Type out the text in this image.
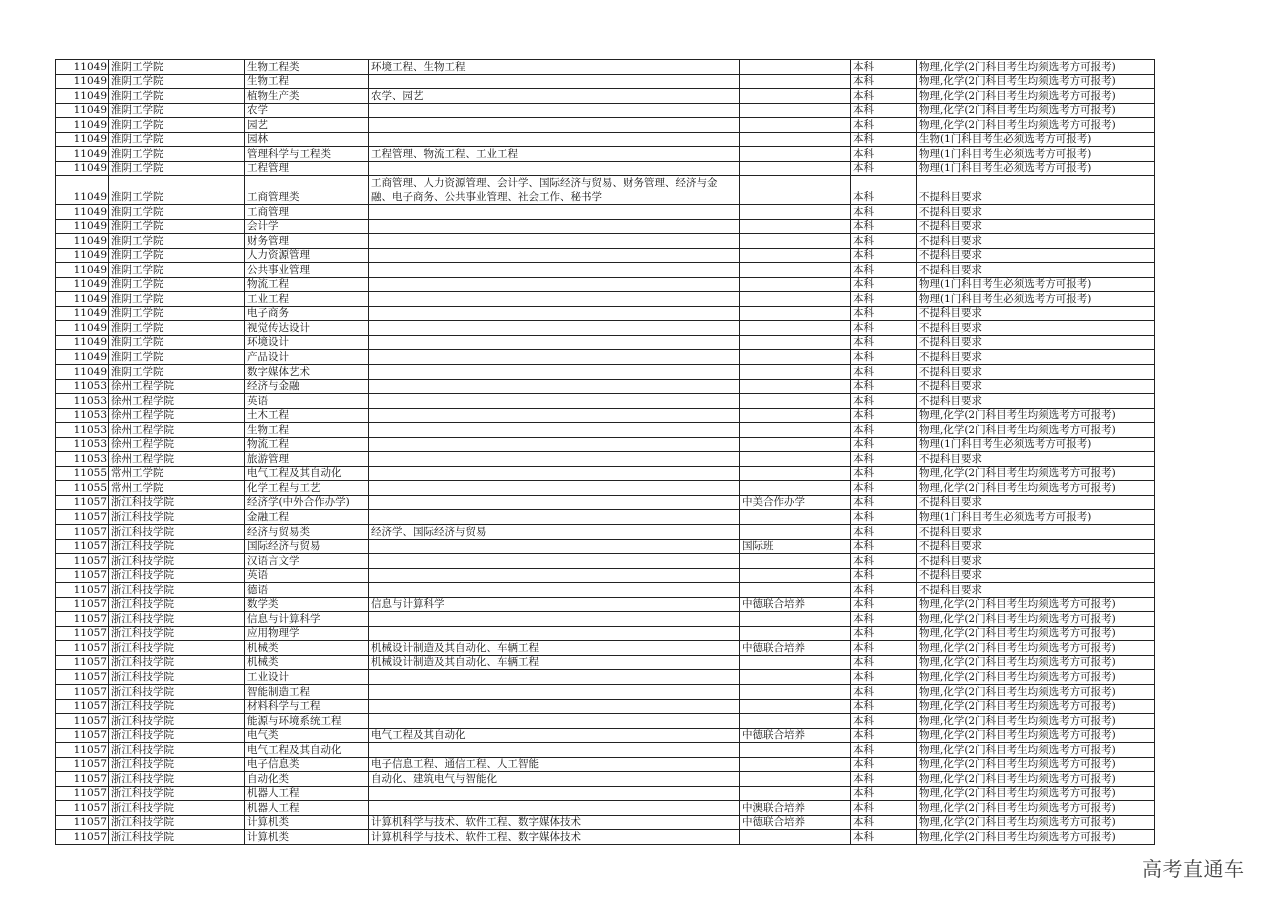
11049	淮阴工学院	生物工程类	环境工程、生物工程		本科	物理,化学(2门科目考生均须选考方可报考)
11049	淮阴工学院	生物工程			本科	物理,化学(2门科目考生均须选考方可报考)
11049	淮阴工学院	植物生产类	农学、园艺		本科	物理,化学(2门科目考生均须选考方可报考)
11049	淮阴工学院	农学			本科	物理,化学(2门科目考生均须选考方可报考)
11049	淮阴工学院	园艺			本科	物理,化学(2门科目考生均须选考方可报考)
11049	淮阴工学院	园林			本科	生物(1门科目考生必须选考方可报考)
11049	淮阴工学院	管理科学与工程类	工程管理、物流工程、工业工程		本科	物理(1门科目考生必须选考方可报考)
11049	淮阴工学院	工程管理			本科	物理(1门科目考生必须选考方可报考)
11049	淮阴工学院	工商管理类	工商管理、人力资源管理、会计学、国际经济与贸易、财务管理、经济与金融、电子商务、公共事业管理、社会工作、秘书学		本科	不提科目要求
11049	淮阴工学院	工商管理			本科	不提科目要求
11049	淮阴工学院	会计学			本科	不提科目要求
11049	淮阴工学院	财务管理			本科	不提科目要求
11049	淮阴工学院	人力资源管理			本科	不提科目要求
11049	淮阴工学院	公共事业管理			本科	不提科目要求
11049	淮阴工学院	物流工程			本科	物理(1门科目考生必须选考方可报考)
11049	淮阴工学院	工业工程			本科	物理(1门科目考生必须选考方可报考)
11049	淮阴工学院	电子商务			本科	不提科目要求
11049	淮阴工学院	视觉传达设计			本科	不提科目要求
11049	淮阴工学院	环境设计			本科	不提科目要求
11049	淮阴工学院	产品设计			本科	不提科目要求
11049	淮阴工学院	数字媒体艺术			本科	不提科目要求
11053	徐州工程学院	经济与金融			本科	不提科目要求
11053	徐州工程学院	英语			本科	不提科目要求
11053	徐州工程学院	土木工程			本科	物理,化学(2门科目考生均须选考方可报考)
11053	徐州工程学院	生物工程			本科	物理,化学(2门科目考生均须选考方可报考)
11053	徐州工程学院	物流工程			本科	物理(1门科目考生必须选考方可报考)
11053	徐州工程学院	旅游管理			本科	不提科目要求
11055	常州工学院	电气工程及其自动化			本科	物理,化学(2门科目考生均须选考方可报考)
11055	常州工学院	化学工程与工艺			本科	物理,化学(2门科目考生均须选考方可报考)
11057	浙江科技学院	经济学(中外合作办学)		中美合作办学	本科	不提科目要求
11057	浙江科技学院	金融工程			本科	物理(1门科目考生必须选考方可报考)
11057	浙江科技学院	经济与贸易类	经济学、国际经济与贸易		本科	不提科目要求
11057	浙江科技学院	国际经济与贸易		国际班	本科	不提科目要求
11057	浙江科技学院	汉语言文学			本科	不提科目要求
11057	浙江科技学院	英语			本科	不提科目要求
11057	浙江科技学院	德语			本科	不提科目要求
11057	浙江科技学院	数学类	信息与计算科学	中德联合培养	本科	物理,化学(2门科目考生均须选考方可报考)
11057	浙江科技学院	信息与计算科学			本科	物理,化学(2门科目考生均须选考方可报考)
11057	浙江科技学院	应用物理学			本科	物理,化学(2门科目考生均须选考方可报考)
11057	浙江科技学院	机械类	机械设计制造及其自动化、车辆工程	中德联合培养	本科	物理,化学(2门科目考生均须选考方可报考)
11057	浙江科技学院	机械类	机械设计制造及其自动化、车辆工程		本科	物理,化学(2门科目考生均须选考方可报考)
11057	浙江科技学院	工业设计			本科	物理,化学(2门科目考生均须选考方可报考)
11057	浙江科技学院	智能制造工程			本科	物理,化学(2门科目考生均须选考方可报考)
11057	浙江科技学院	材料科学与工程			本科	物理,化学(2门科目考生均须选考方可报考)
11057	浙江科技学院	能源与环境系统工程			本科	物理,化学(2门科目考生均须选考方可报考)
11057	浙江科技学院	电气类	电气工程及其自动化	中德联合培养	本科	物理,化学(2门科目考生均须选考方可报考)
11057	浙江科技学院	电气工程及其自动化			本科	物理,化学(2门科目考生均须选考方可报考)
11057	浙江科技学院	电子信息类	电子信息工程、通信工程、人工智能		本科	物理,化学(2门科目考生均须选考方可报考)
11057	浙江科技学院	自动化类	自动化、建筑电气与智能化		本科	物理,化学(2门科目考生均须选考方可报考)
11057	浙江科技学院	机器人工程			本科	物理,化学(2门科目考生均须选考方可报考)
11057	浙江科技学院	机器人工程		中澳联合培养	本科	物理,化学(2门科目考生均须选考方可报考)
11057	浙江科技学院	计算机类	计算机科学与技术、软件工程、数字媒体技术	中德联合培养	本科	物理,化学(2门科目考生均须选考方可报考)
11057	浙江科技学院	计算机类	计算机科学与技术、软件工程、数字媒体技术		本科	物理,化学(2门科目考生均须选考方可报考)
高考直通车
